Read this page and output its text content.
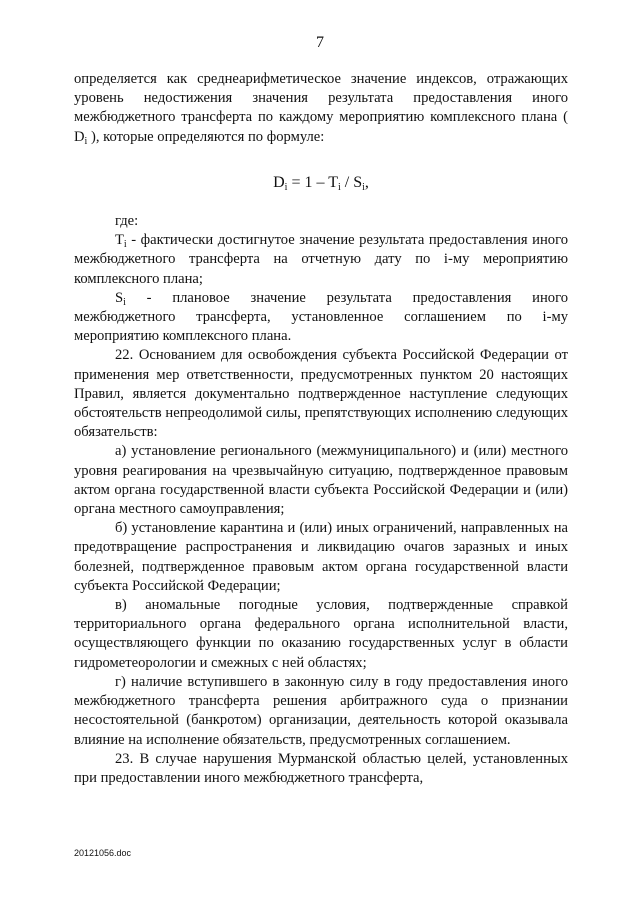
7

определяется как среднеарифметическое значение индексов, отражающих уровень недостижения значения результата предоставления иного межбюджетного трансферта по каждому мероприятию комплексного плана ( $D_i$ ), которые определяются по формуле:

$D_i = 1 - T_i / S_i$,

где:

$T_i$ - фактически достигнутое значение результата предоставления иного межбюджетного трансферта на отчетную дату по i-му мероприятию комплексного плана;

$S_i$ - плановое значение результата предоставления иного межбюджетного трансферта, установленное соглашением по i-му мероприятию комплексного плана.

22. Основанием для освобождения субъекта Российской Федерации от применения мер ответственности, предусмотренных пунктом 20 настоящих Правил, является документально подтвержденное наступление следующих обстоятельств непреодолимой силы, препятствующих исполнению следующих обязательств:

а) установление регионального (межмуниципального) и (или) местного уровня реагирования на чрезвычайную ситуацию, подтвержденное правовым актом органа государственной власти субъекта Российской Федерации и (или) органа местного самоуправления;

б) установление карантина и (или) иных ограничений, направленных на предотвращение распространения и ликвидацию очагов заразных и иных болезней, подтвержденное правовым актом органа государственной власти субъекта Российской Федерации;

в) аномальные погодные условия, подтвержденные справкой территориального органа федерального органа исполнительной власти, осуществляющего функции по оказанию государственных услуг в области гидрометеорологии и смежных с ней областях;

г) наличие вступившего в законную силу в году предоставления иного межбюджетного трансферта решения арбитражного суда о признании несостоятельной (банкротом) организации, деятельность которой оказывала влияние на исполнение обязательств, предусмотренных соглашением.

23. В случае нарушения Мурманской областью целей, установленных при предоставлении иного межбюджетного трансферта,

20121056.doc
